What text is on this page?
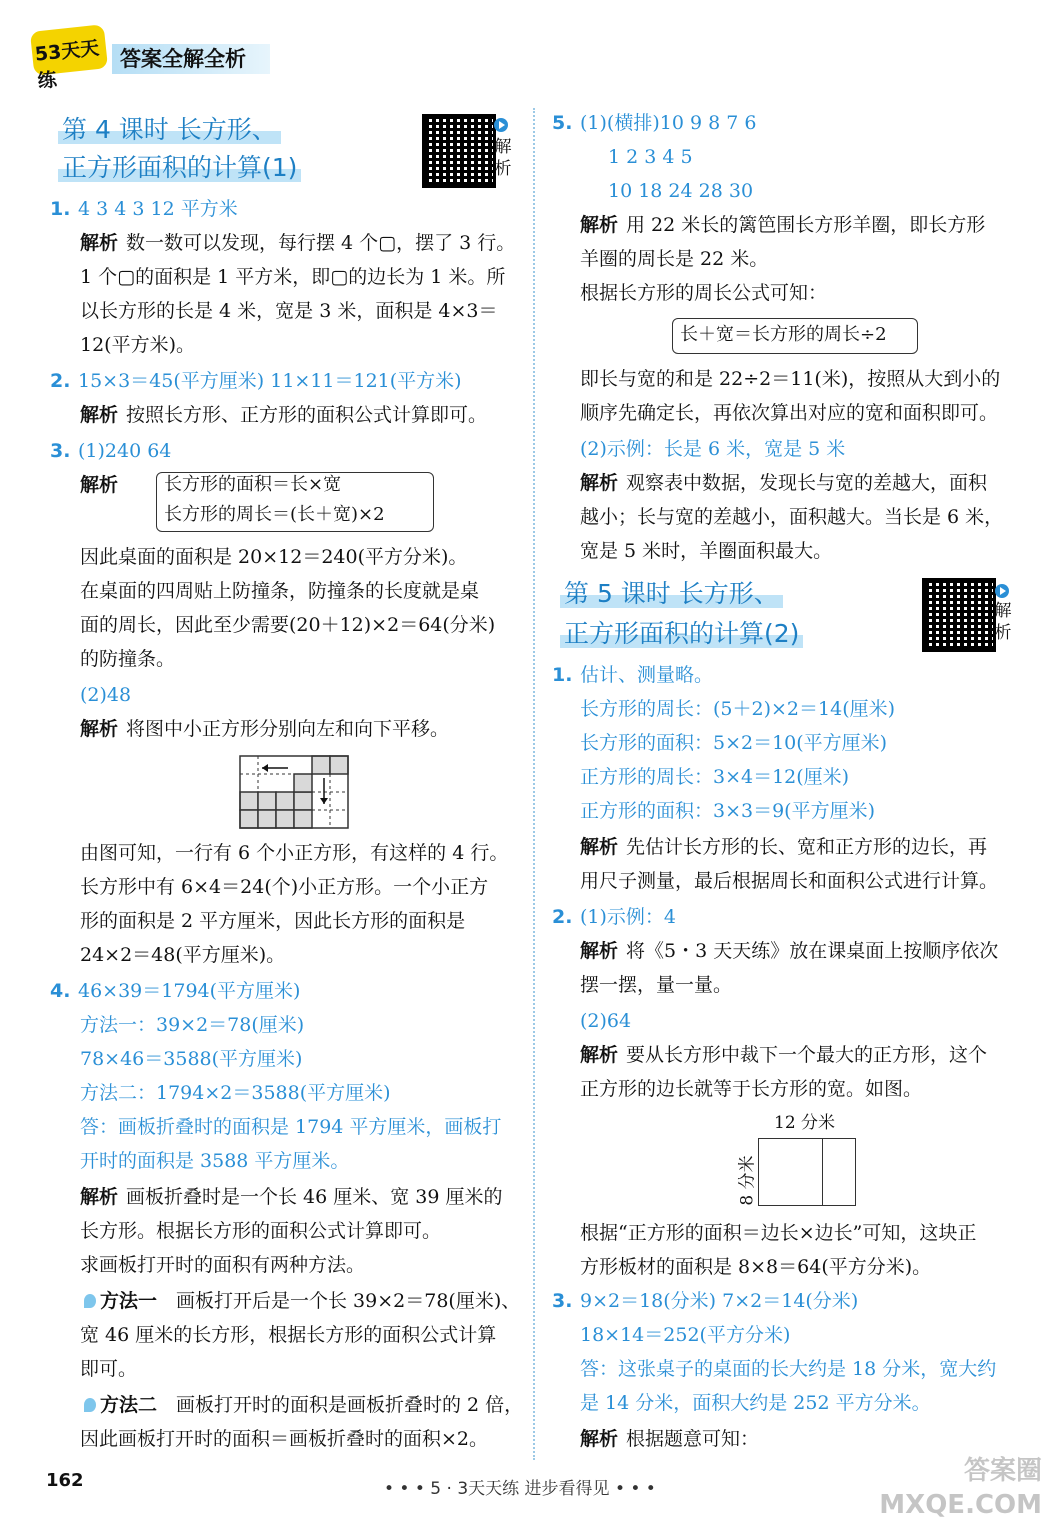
53天天练
答案全解全析
第 4 课时 长方形、
正方形面积的计算(1)
解析
1. 4 3 4 3 12 平方米
解析 数一数可以发现，每行摆 4 个▢，摆了 3 行。
1 个▢的面积是 1 平方米，即▢的边长为 1 米。所
以长方形的长是 4 米，宽是 3 米，面积是 4×3＝
12(平方米)。
2. 15×3＝45(平方厘米) 11×11＝121(平方米)
解析 按照长方形、正方形的面积公式计算即可。
3. (1)240 64
解析	长方形的面积＝长×宽
长方形的周长＝(长＋宽)×2
因此桌面的面积是 20×12＝240(平方分米)。
在桌面的四周贴上防撞条，防撞条的长度就是桌
面的周长，因此至少需要(20＋12)×2＝64(分米)
的防撞条。
(2)48
解析 将图中小正方形分别向左和向下平移。
由图可知，一行有 6 个小正方形，有这样的 4 行。
长方形中有 6×4＝24(个)小正方形。一个小正方
形的面积是 2 平方厘米，因此长方形的面积是
24×2＝48(平方厘米)。
4. 46×39＝1794(平方厘米)
方法一：39×2＝78(厘米)
78×46＝3588(平方厘米)
方法二：1794×2＝3588(平方厘米)
答：画板折叠时的面积是 1794 平方厘米，画板打
开时的面积是 3588 平方厘米。
解析 画板折叠时是一个长 46 厘米、宽 39 厘米的
长方形。根据长方形的面积公式计算即可。
求画板打开时的面积有两种方法。
方法一 画板打开后是一个长 39×2＝78(厘米)、
宽 46 厘米的长方形，根据长方形的面积公式计算
即可。
方法二 画板打开时的面积是画板折叠时的 2 倍，
因此画板打开时的面积＝画板折叠时的面积×2。
5. (1)(横排)10 9 8 7 6
1 2 3 4 5
10 18 24 28 30
解析 用 22 米长的篱笆围长方形羊圈，即长方形
羊圈的周长是 22 米。
根据长方形的周长公式可知：
长＋宽＝长方形的周长÷2
即长与宽的和是 22÷2＝11(米)，按照从大到小的
顺序先确定长，再依次算出对应的宽和面积即可。
(2)示例：长是 6 米，宽是 5 米
解析 观察表中数据，发现长与宽的差越大，面积
越小；长与宽的差越小，面积越大。当长是 6 米，
宽是 5 米时，羊圈面积最大。
第 5 课时 长方形、
正方形面积的计算(2)
解析
1. 估计、测量略。
长方形的周长：(5＋2)×2＝14(厘米)
长方形的面积：5×2＝10(平方厘米)
正方形的周长：3×4＝12(厘米)
正方形的面积：3×3＝9(平方厘米)
解析 先估计长方形的长、宽和正方形的边长，再
用尺子测量，最后根据周长和面积公式进行计算。
2. (1)示例：4
解析 将《5・3 天天练》放在课桌面上按顺序依次
摆一摆，量一量。
(2)64
解析 要从长方形中裁下一个最大的正方形，这个
正方形的边长就等于长方形的宽。如图。
12 分米
8 分米
根据“正方形的面积＝边长×边长”可知，这块正
方形板材的面积是 8×8＝64(平方分米)。
3. 9×2＝18(分米) 7×2＝14(分米)
18×14＝252(平方分米)
答：这张桌子的桌面的长大约是 18 分米，宽大约
是 14 分米，面积大约是 252 平方分米。
解析 根据题意可知：
162	• • • 5 · 3天天练 进步看得见 • • •
答案圈 MXQE.COM
